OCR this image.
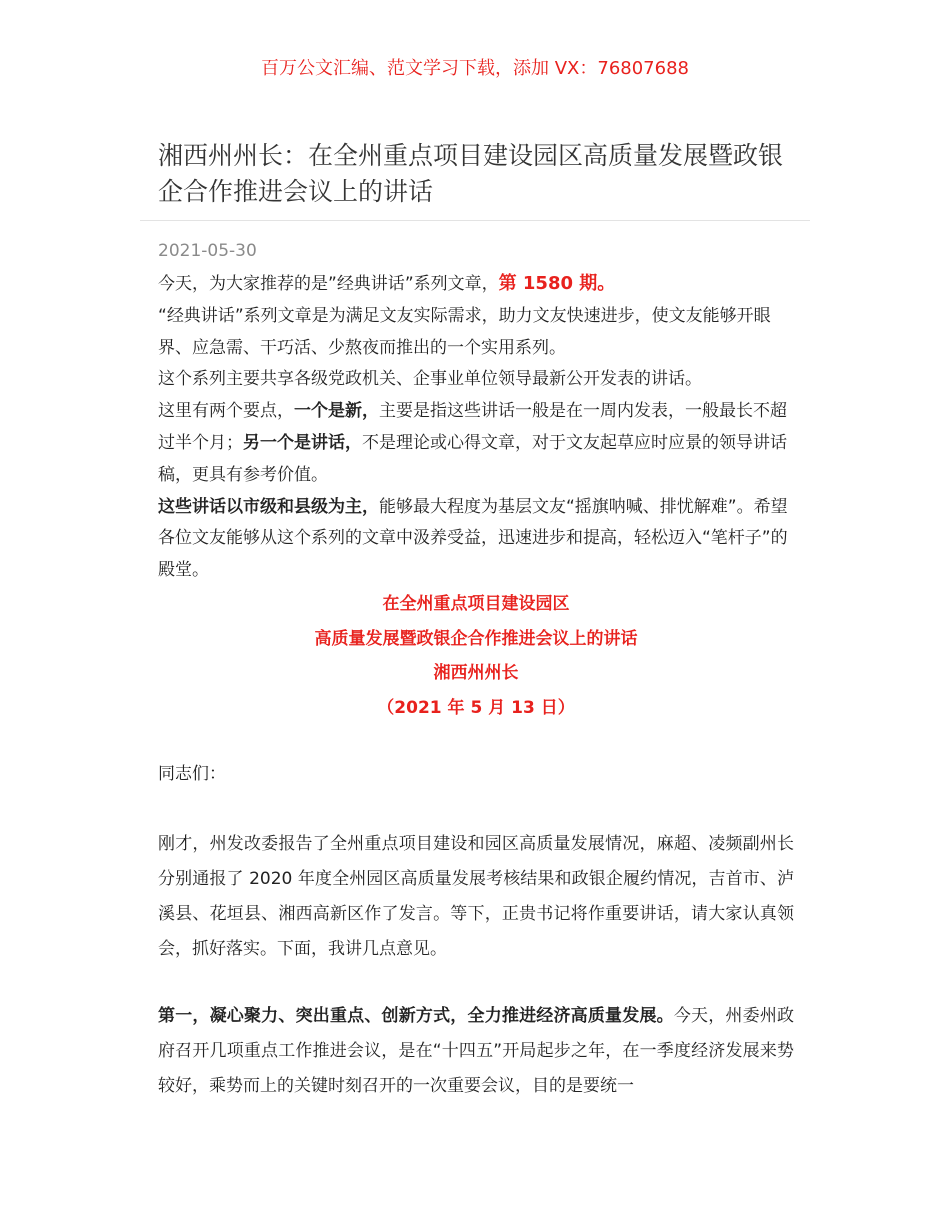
百万公文汇编、范文学习下载，添加 VX：76807688
湘西州州长：在全州重点项目建设园区高质量发展暨政银企合作推进会议上的讲话
2021-05-30

今天，为大家推荐的是”经典讲话”系列文章，第 1580 期。

“经典讲话”系列文章是为满足文友实际需求，助力文友快速进步，使文友能够开眼界、应急需、干巧活、少熬夜而推出的一个实用系列。

这个系列主要共享各级党政机关、企事业单位领导最新公开发表的讲话。

这里有两个要点，一个是新，主要是指这些讲话一般是在一周内发表，一般最长不超过半个月；另一个是讲话，不是理论或心得文章，对于文友起草应时应景的领导讲话稿，更具有参考价值。

这些讲话以市级和县级为主，能够最大程度为基层文友“摇旗呐喊、排忧解难”。希望各位文友能够从这个系列的文章中汲养受益，迅速进步和提高，轻松迈入“笔杆子”的殿堂。

在全州重点项目建设园区
高质量发展暨政银企合作推进会议上的讲话
湘西州州长
（2021 年 5 月 13 日）
同志们：
刚才，州发改委报告了全州重点项目建设和园区高质量发展情况，麻超、凌频副州长分别通报了 2020 年度全州园区高质量发展考核结果和政银企履约情况，吉首市、泸溪县、花垣县、湘西高新区作了发言。等下，正贵书记将作重要讲话，请大家认真领会，抓好落实。下面，我讲几点意见。
第一，凝心聚力、突出重点、创新方式，全力推进经济高质量发展。今天，州委州政府召开几项重点工作推进会议，是在“十四五”开局起步之年，在一季度经济发展来势较好，乘势而上的关键时刻召开的一次重要会议，目的是要统一
